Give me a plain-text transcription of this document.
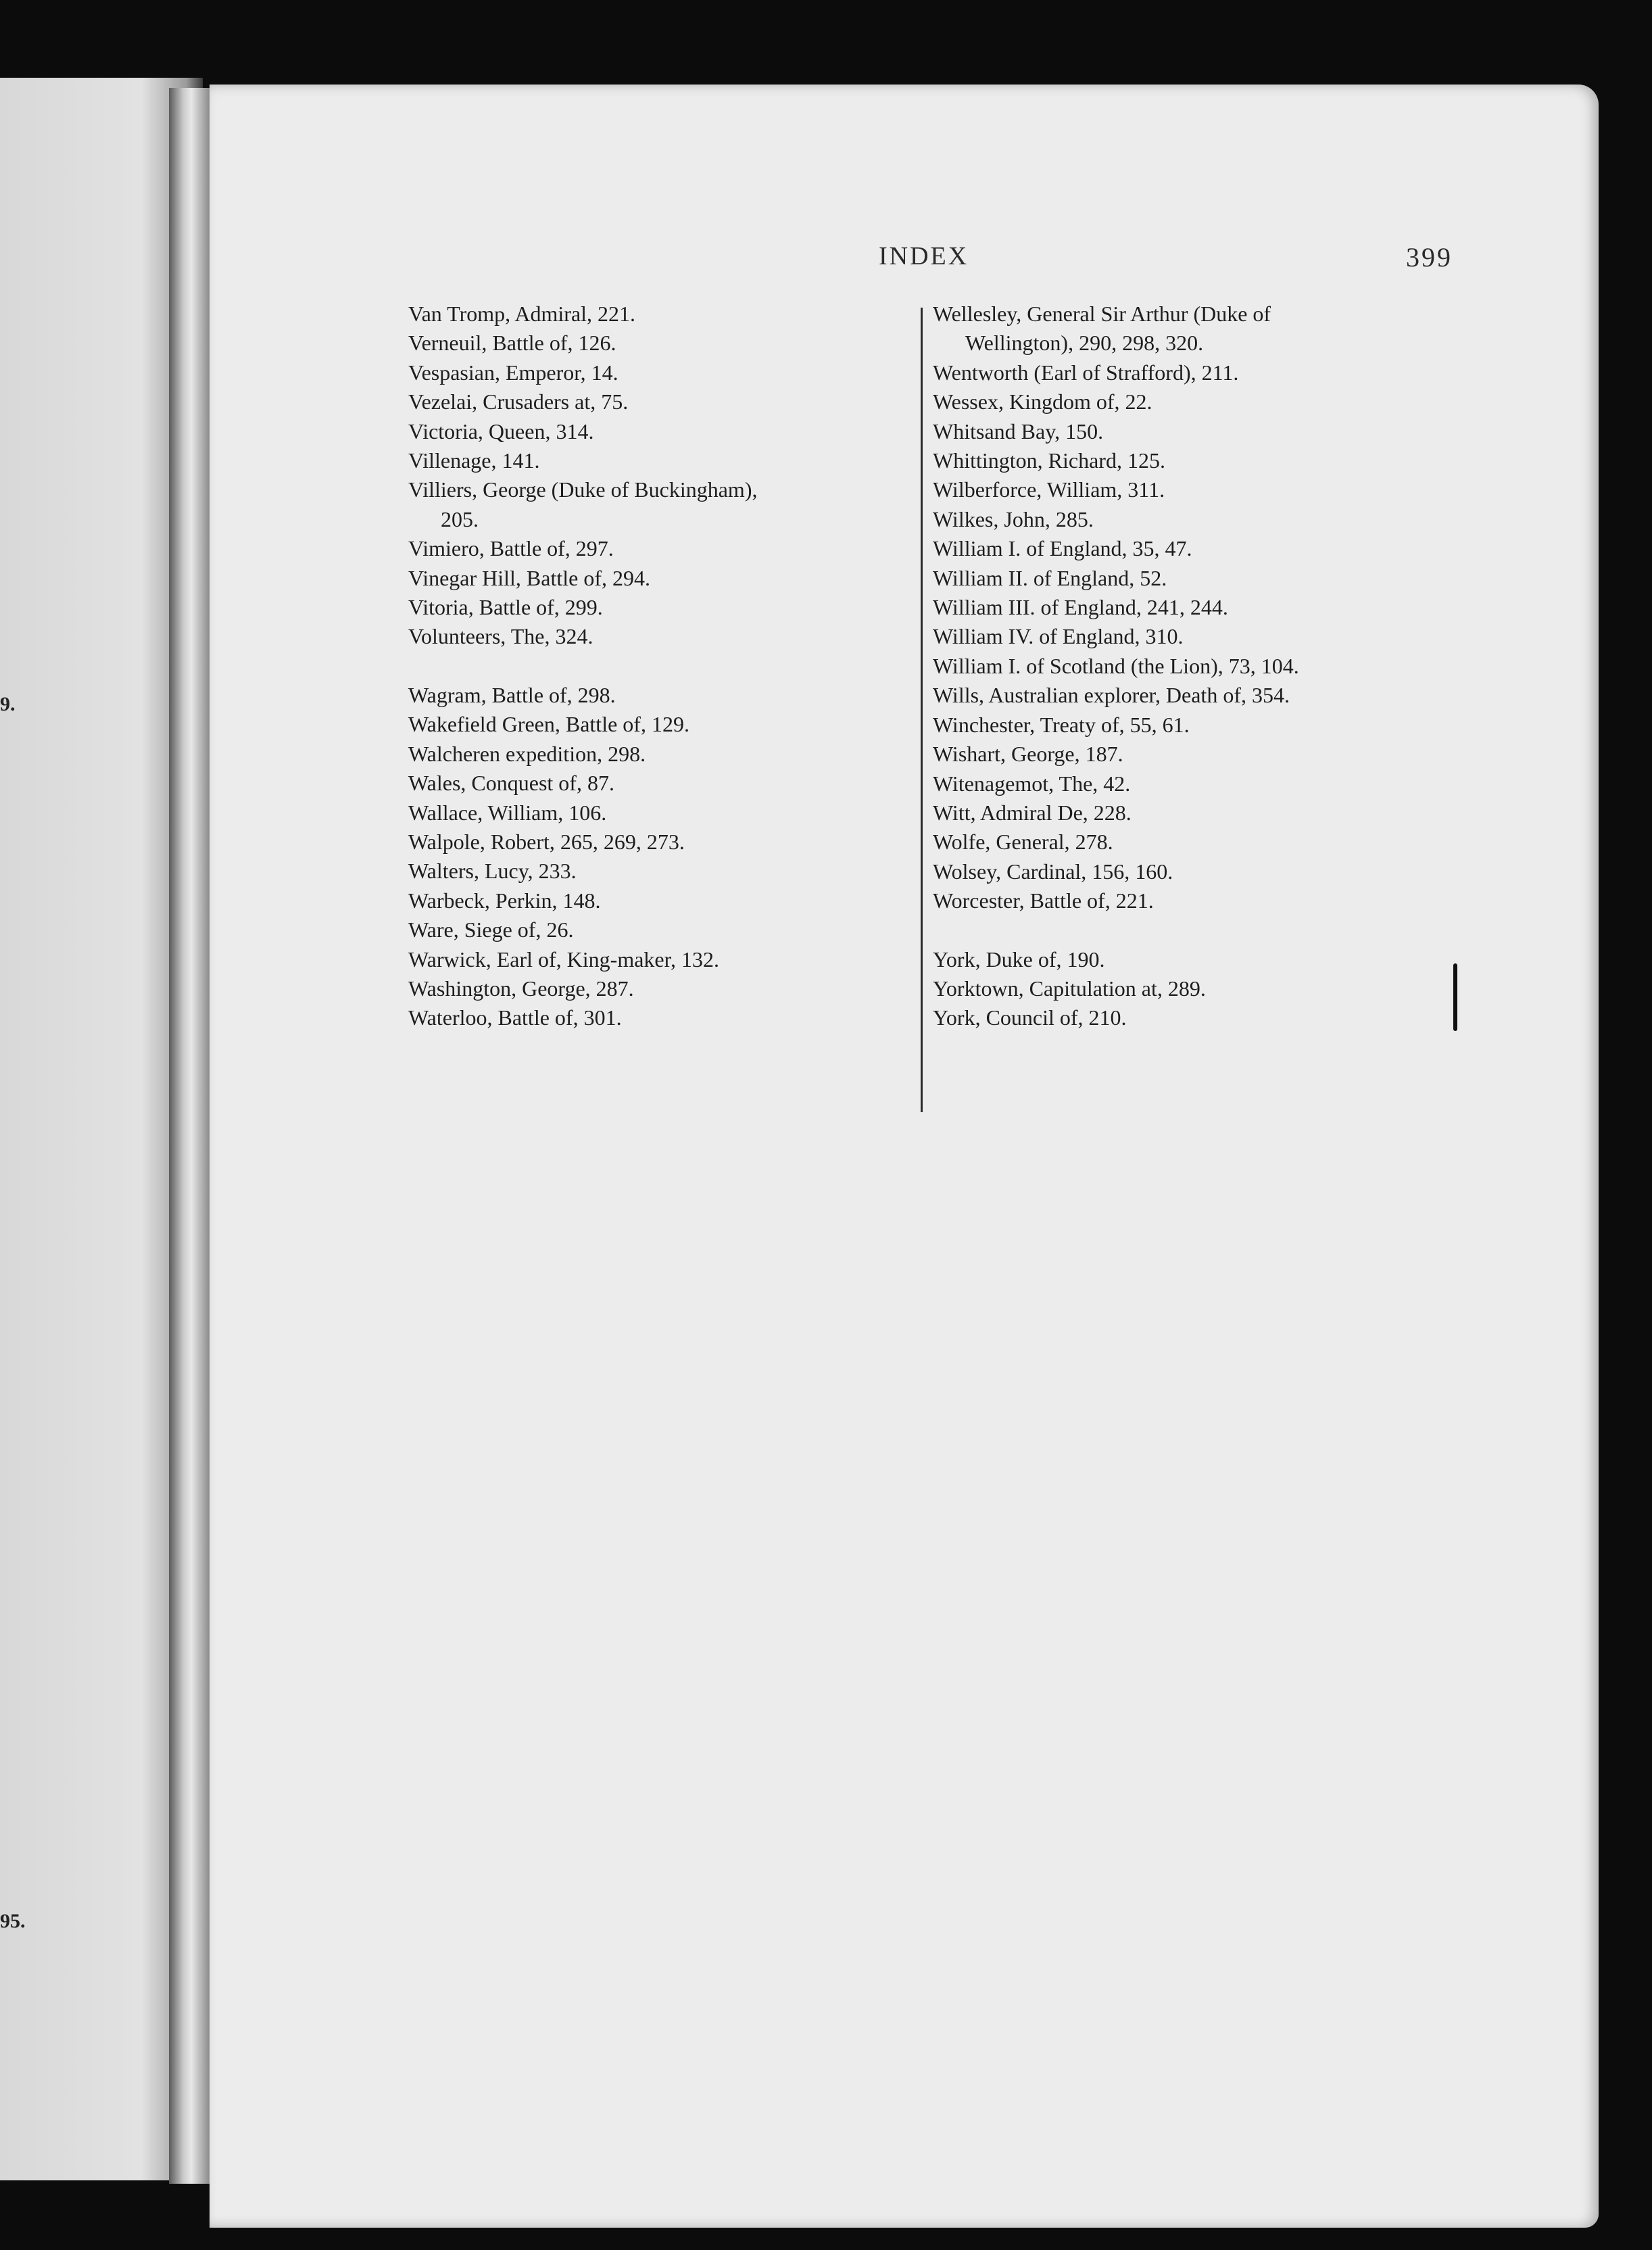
9.
95.
INDEX	399
Van Tromp, Admiral, 221.
Verneuil, Battle of, 126.
Vespasian, Emperor, 14.
Vezelai, Crusaders at, 75.
Victoria, Queen, 314.
Villenage, 141.
Villiers, George (Duke of Buckingham),
205.
Vimiero, Battle of, 297.
Vinegar Hill, Battle of, 294.
Vitoria, Battle of, 299.
Volunteers, The, 324.
Wagram, Battle of, 298.
Wakefield Green, Battle of, 129.
Walcheren expedition, 298.
Wales, Conquest of, 87.
Wallace, William, 106.
Walpole, Robert, 265, 269, 273.
Walters, Lucy, 233.
Warbeck, Perkin, 148.
Ware, Siege of, 26.
Warwick, Earl of, King-maker, 132.
Washington, George, 287.
Waterloo, Battle of, 301.
Wellesley, General Sir Arthur (Duke of
Wellington), 290, 298, 320.
Wentworth (Earl of Strafford), 211.
Wessex, Kingdom of, 22.
Whitsand Bay, 150.
Whittington, Richard, 125.
Wilberforce, William, 311.
Wilkes, John, 285.
William I. of England, 35, 47.
William II. of England, 52.
William III. of England, 241, 244.
William IV. of England, 310.
William I. of Scotland (the Lion), 73, 104.
Wills, Australian explorer, Death of, 354.
Winchester, Treaty of, 55, 61.
Wishart, George, 187.
Witenagemot, The, 42.
Witt, Admiral De, 228.
Wolfe, General, 278.
Wolsey, Cardinal, 156, 160.
Worcester, Battle of, 221.
York, Duke of, 190.
Yorktown, Capitulation at, 289.
York, Council of, 210.
